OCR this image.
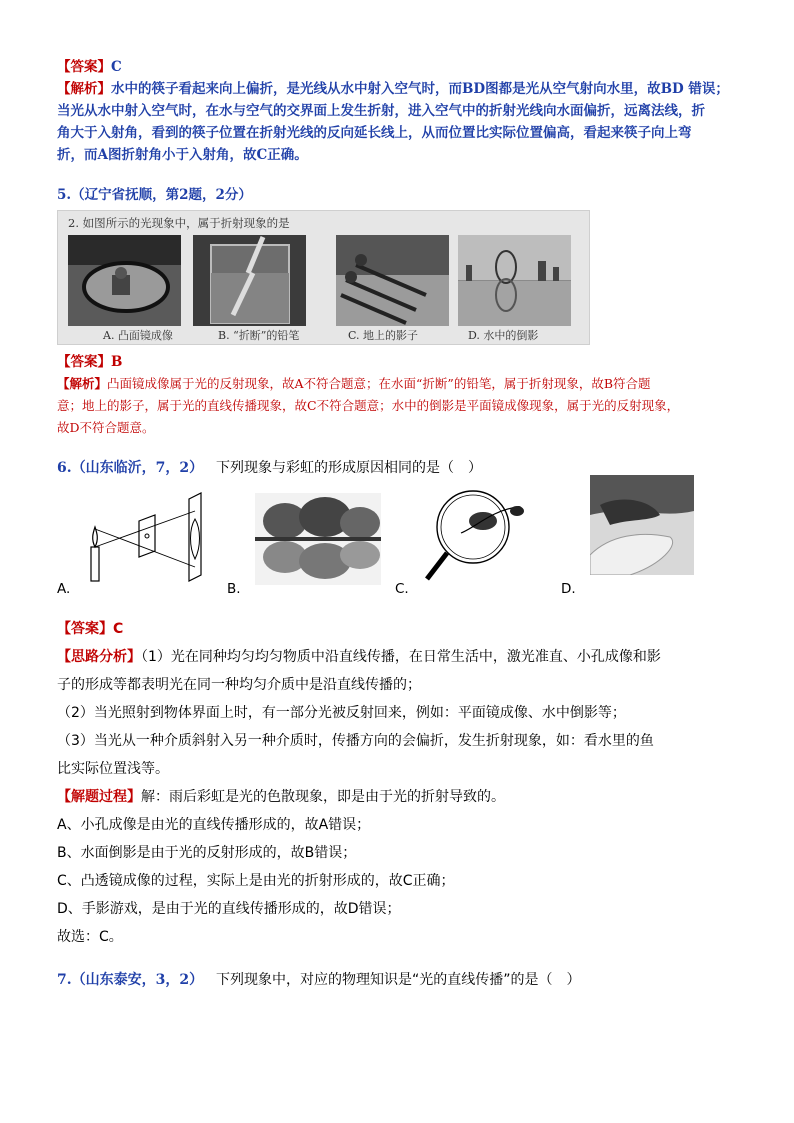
【答案】C
【解析】水中的筷子看起来向上偏折，是光线从水中射入空气时，而BD图都是光从空气射向水里，故BD 错误；
当光从水中射入空气时，在水与空气的交界面上发生折射，进入空气中的折射光线向水面偏折，远离法线，折
角大于入射角，看到的筷子位置在折射光线的反向延长线上，从而位置比实际位置偏高，看起来筷子向上弯
折，而A图折射角小于入射角，故C正确。
5.（辽宁省抚顺，第2题，2分）
2. 如图所示的光现象中，属于折射现象的是
A. 凸面镜成像	B. “折断”的铅笔	C. 地上的影子	D. 水中的倒影
【答案】B
【解析】凸面镜成像属于光的反射现象，故A不符合题意；在水面“折断”的铅笔，属于折射现象，故B符合题
意；地上的影子，属于光的直线传播现象，故C不符合题意；水中的倒影是平面镜成像现象，属于光的反射现象，
故D不符合题意。
6.（山东临沂，7，2） 下列现象与彩虹的形成原因相同的是（　）
A.	B.	C.	D.
【答案】C
【思路分析】（1）光在同种均匀均匀物质中沿直线传播，在日常生活中，激光准直、小孔成像和影
子的形成等都表明光在同一种均匀介质中是沿直线传播的；
（2）当光照射到物体界面上时，有一部分光被反射回来，例如：平面镜成像、水中倒影等；
（3）当光从一种介质斜射入另一种介质时，传播方向的会偏折，发生折射现象，如：看水里的鱼
比实际位置浅等。
【解题过程】解：雨后彩虹是光的色散现象，即是由于光的折射导致的。
A、小孔成像是由光的直线传播形成的，故A错误；
B、水面倒影是由于光的反射形成的，故B错误；
C、凸透镜成像的过程，实际上是由光的折射形成的，故C正确；
D、手影游戏，是由于光的直线传播形成的，故D错误；
故选：C。
7.（山东泰安，3，2） 下列现象中，对应的物理知识是“光的直线传播”的是（　）
